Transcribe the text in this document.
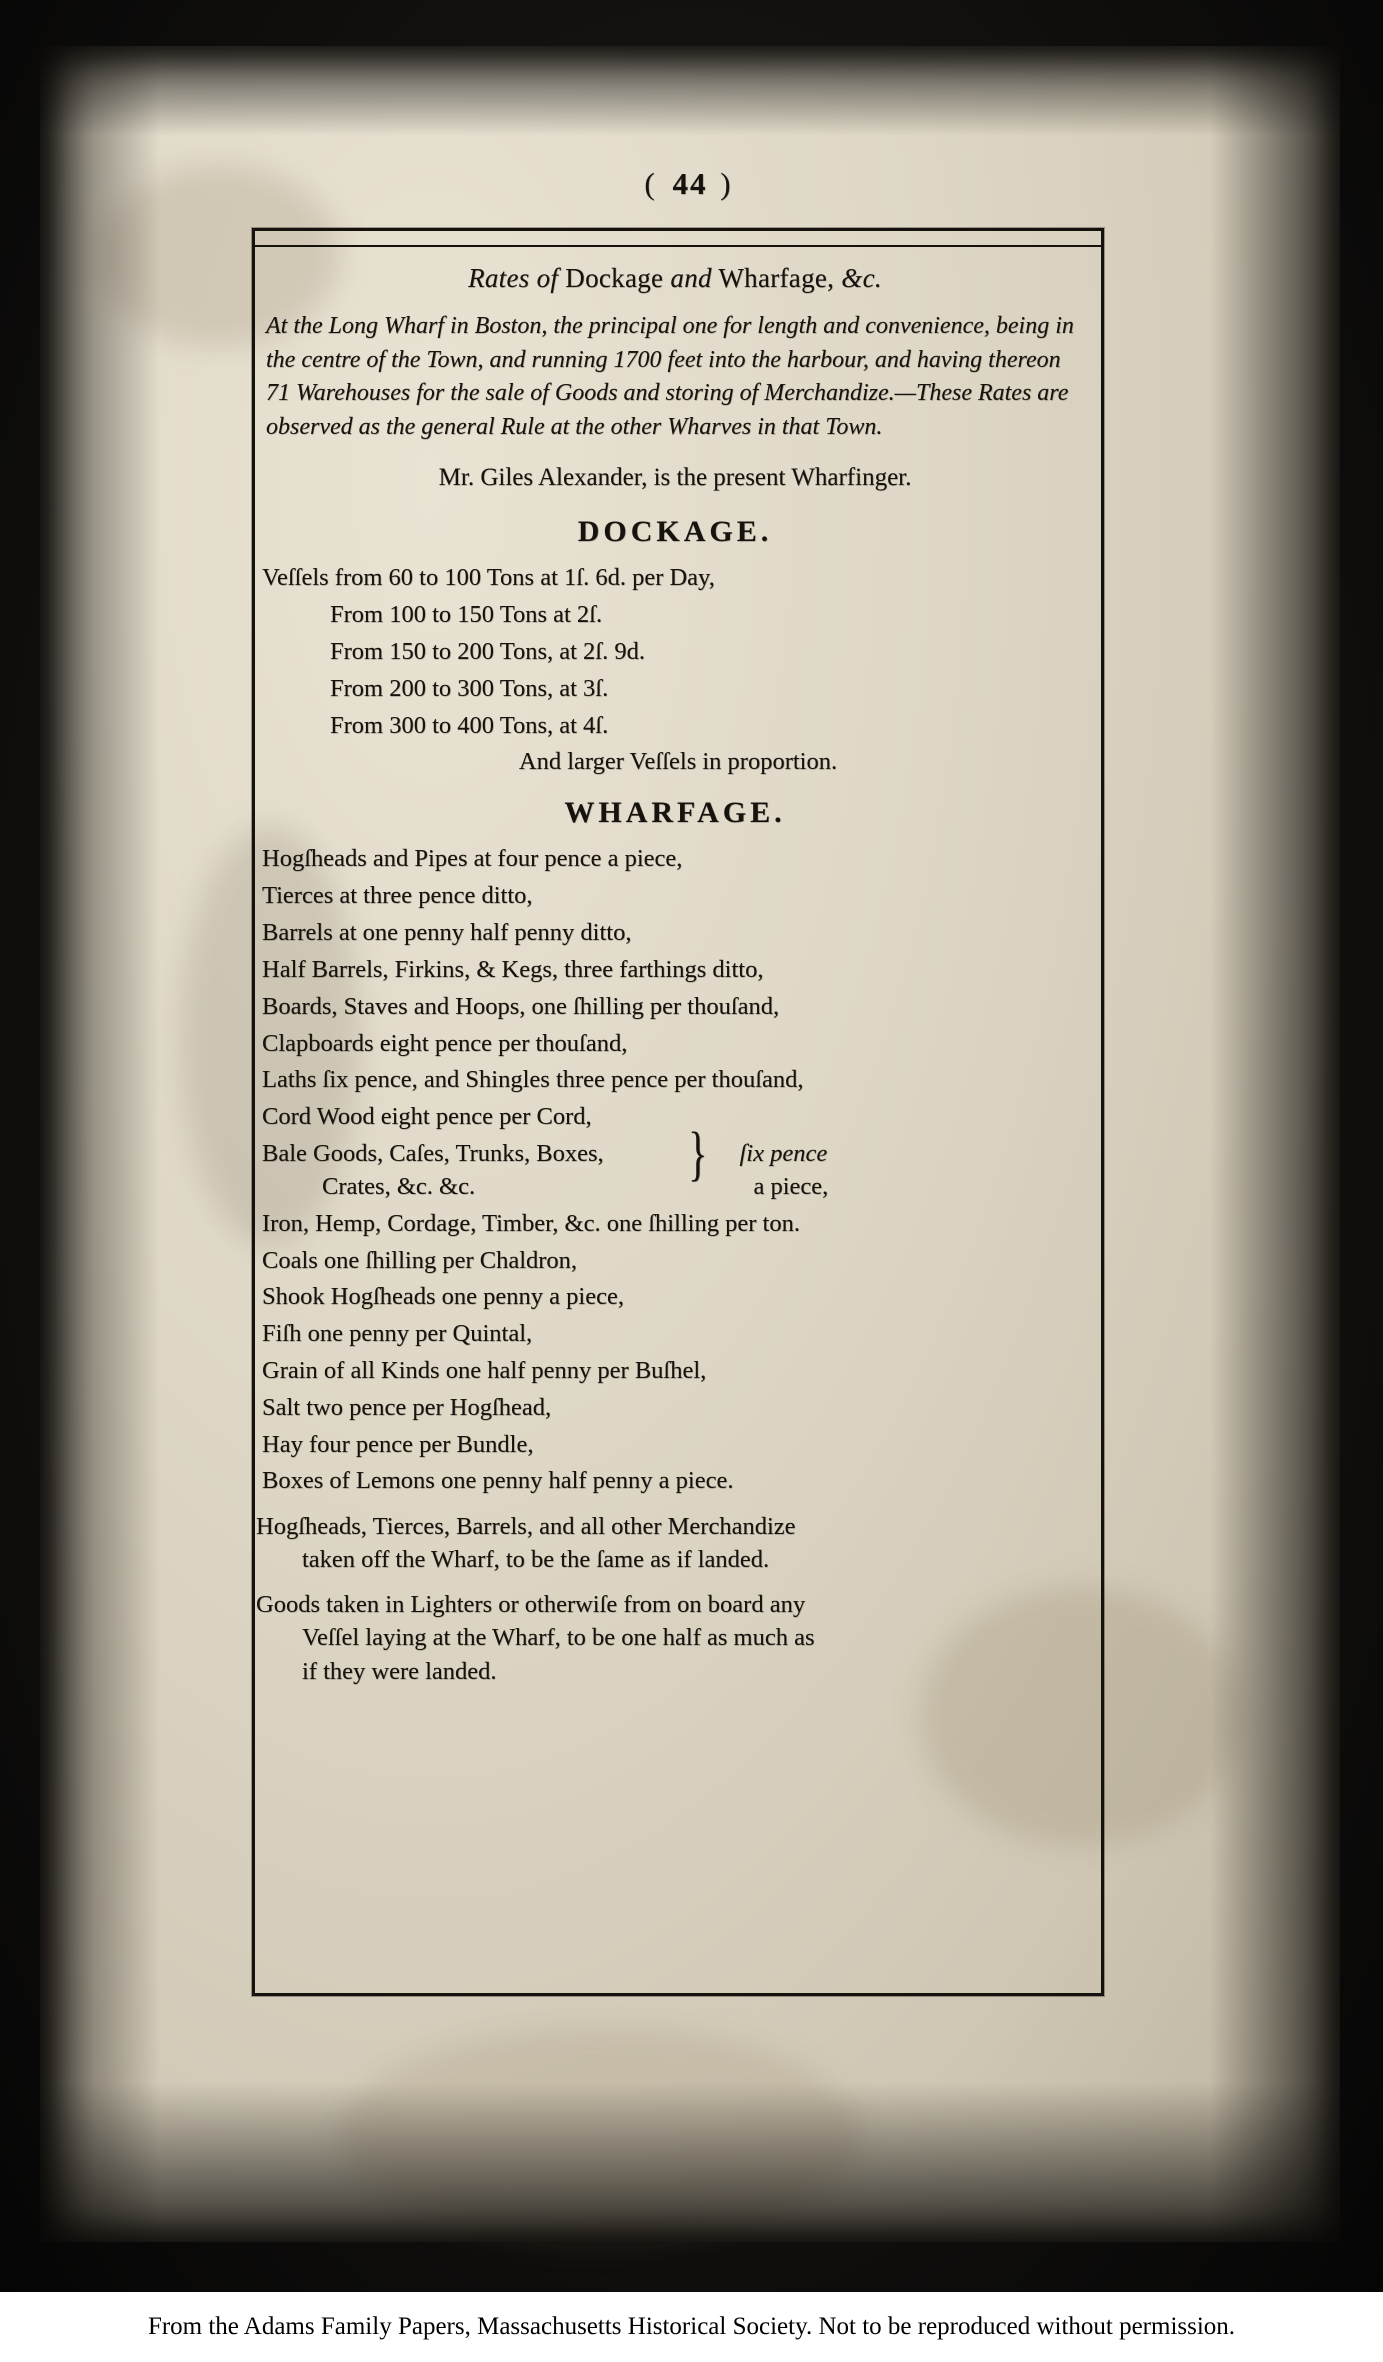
( 44 )
Rates of Dockage and Wharfage, &c.
At the Long Wharf in Boston, the principal one for length and convenience, being in the centre of the Town, and running 1700 feet into the harbour, and having thereon 71 Warehouses for the sale of Goods and storing of Merchandize.—These Rates are observed as the general Rule at the other Wharves in that Town.
Mr. Giles Alexander, is the present Wharfinger.
DOCKAGE.
Veſſels from 60 to 100 Tons at 1ſ. 6d. per Day,
From 100 to 150 Tons at 2ſ.
From 150 to 200 Tons, at 2ſ. 9d.
From 200 to 300 Tons, at 3ſ.
From 300 to 400 Tons, at 4ſ.
And larger Veſſels in proportion.
WHARFAGE.
Hogſheads and Pipes at four pence a piece,
Tierces at three pence ditto,
Barrels at one penny half penny ditto,
Half Barrels, Firkins, & Kegs, three farthings ditto,
Boards, Staves and Hoops, one ſhilling per thouſand,
Clapboards eight pence per thouſand,
Laths ſix pence, and Shingles three pence per thouſand,
Cord Wood eight pence per Cord,
Bale Goods, Caſes, Trunks, Boxes,
Crates, &c. &c.	} ſix pence
a piece,
Iron, Hemp, Cordage, Timber, &c. one ſhilling per ton.
Coals one ſhilling per Chaldron,
Shook Hogſheads one penny a piece,
Fiſh one penny per Quintal,
Grain of all Kinds one half penny per Buſhel,
Salt two pence per Hogſhead,
Hay four pence per Bundle,
Boxes of Lemons one penny half penny a piece.
Hogſheads, Tierces, Barrels, and all other Merchandize
taken off the Wharf, to be the ſame as if landed.
Goods taken in Lighters or otherwiſe from on board any
Veſſel laying at the Wharf, to be one half as much as
if they were landed.
From the Adams Family Papers, Massachusetts Historical Society. Not to be reproduced without permission.
